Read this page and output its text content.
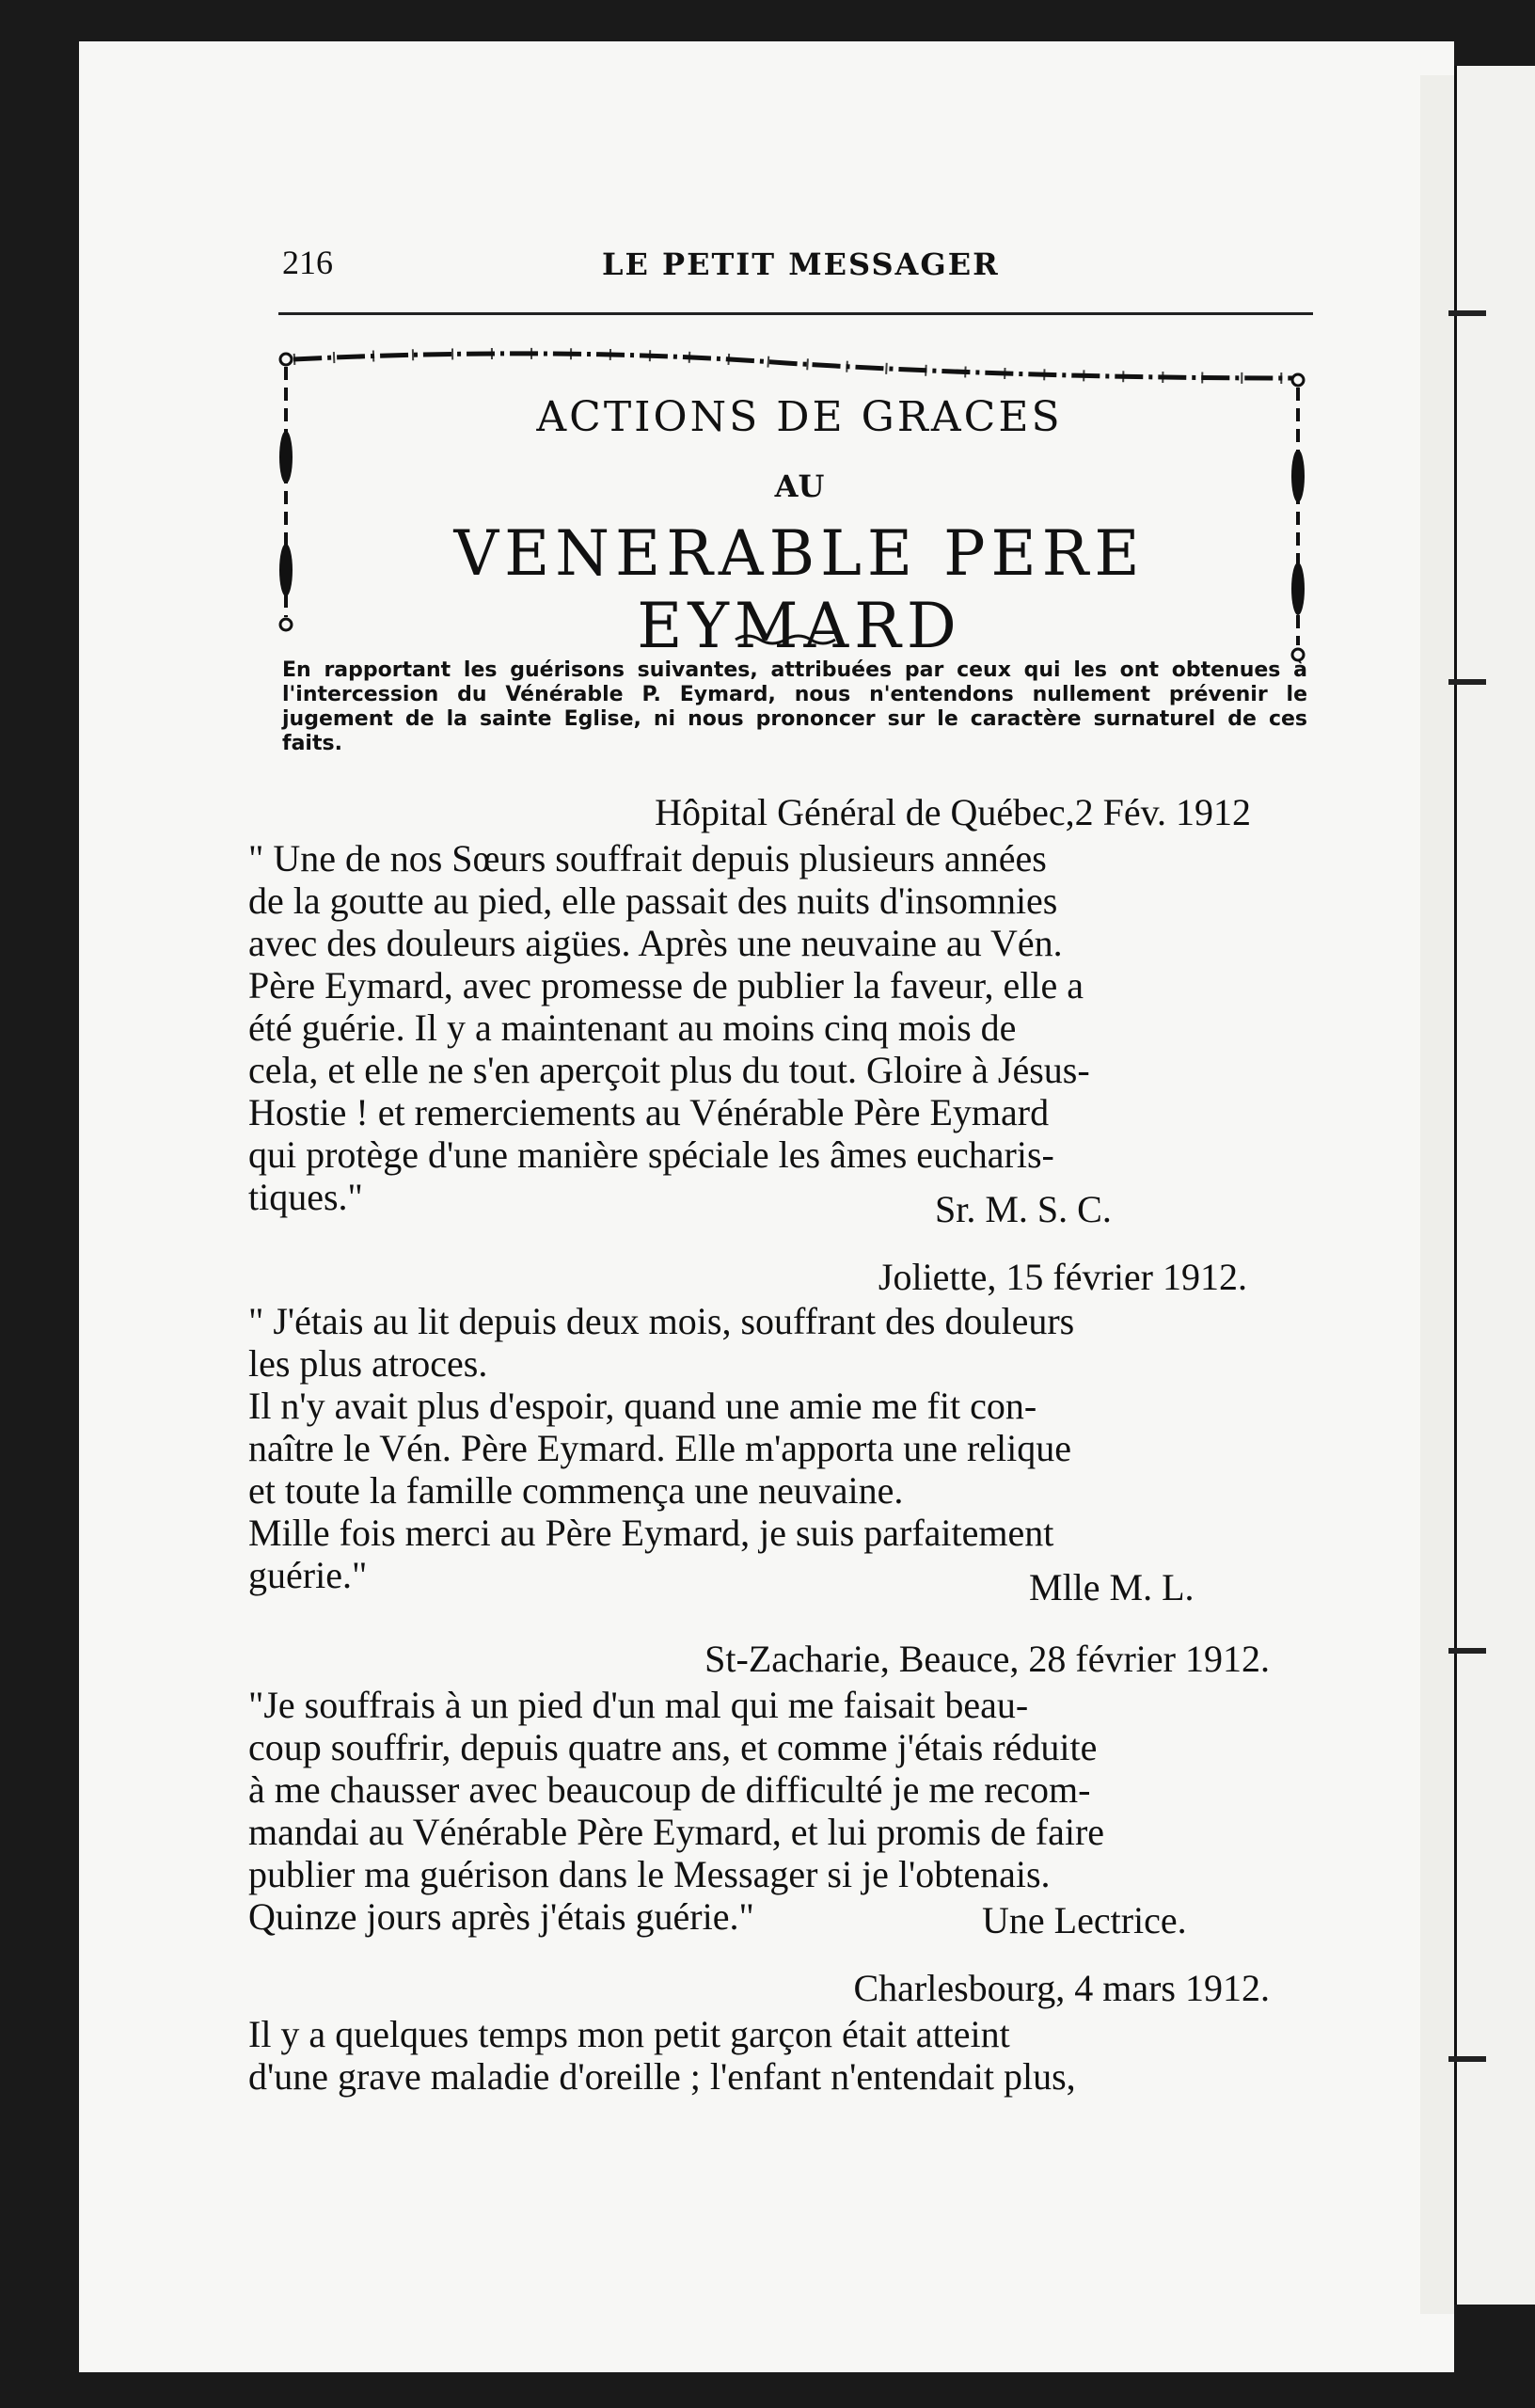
216	LE PETIT MESSAGER
ACTIONS DE GRACES
AU
VENERABLE PERE EYMARD
En rapportant les guérisons suivantes, attribuées par ceux qui les ont obtenues à l'intercession du Vénérable P. Eymard, nous n'entendons nullement prévenir le jugement de la sainte Eglise, ni nous prononcer sur le caractère surnaturel de ces faits.
Hôpital Général de Québec,2 Fév. 1912
" Une de nos Sœurs souffrait depuis plusieurs années
de la goutte au pied, elle passait des nuits d'insomnies
avec des douleurs aigües. Après une neuvaine au Vén.
Père Eymard, avec promesse de publier la faveur, elle a
été guérie. Il y a maintenant au moins cinq mois de
cela, et elle ne s'en aperçoit plus du tout. Gloire à Jésus-
Hostie ! et remerciements au Vénérable Père Eymard
qui protège d'une manière spéciale les âmes eucharis-
tiques."	Sr. M. S. C.
Joliette, 15 février 1912.
" J'étais au lit depuis deux mois, souffrant des douleurs
les plus atroces.
Il n'y avait plus d'espoir, quand une amie me fit con-
naître le Vén. Père Eymard. Elle m'apporta une relique
et toute la famille commença une neuvaine.
Mille fois merci au Père Eymard, je suis parfaitement
guérie."	Mlle M. L.
St-Zacharie, Beauce, 28 février 1912.
"Je souffrais à un pied d'un mal qui me faisait beau-
coup souffrir, depuis quatre ans, et comme j'étais réduite
à me chausser avec beaucoup de difficulté je me recom-
mandai au Vénérable Père Eymard, et lui promis de faire
publier ma guérison dans le Messager si je l'obtenais.
Quinze jours après j'étais guérie."	Une Lectrice.
Charlesbourg, 4 mars 1912.
Il y a quelques temps mon petit garçon était atteint
d'une grave maladie d'oreille ; l'enfant n'entendait plus,
